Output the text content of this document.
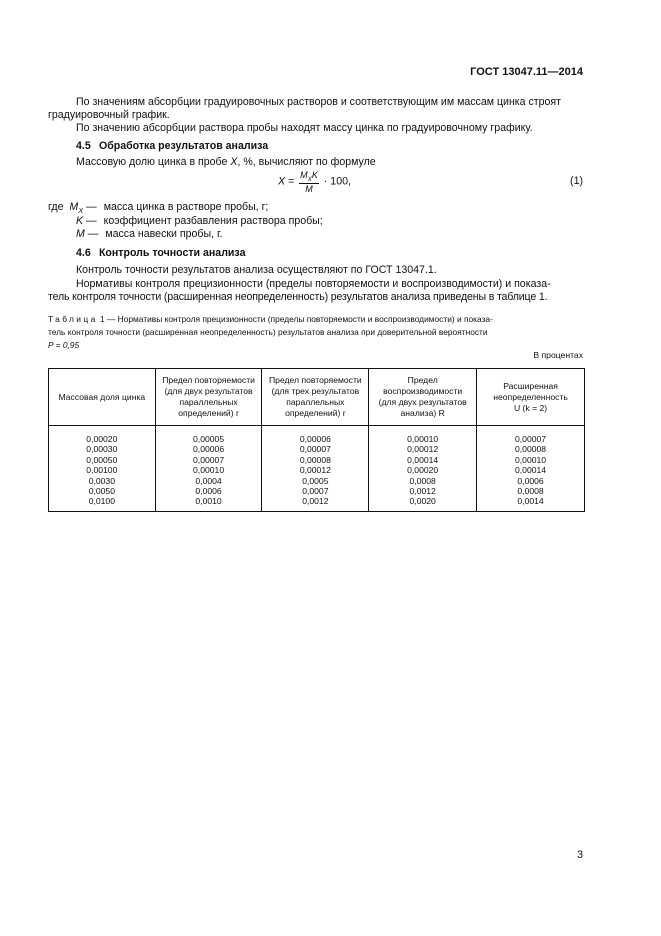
ГОСТ 13047.11—2014
По значениям абсорбции градуировочных растворов и соответствующим им массам цинка строят градуировочный график.
По значению абсорбции раствора пробы находят массу цинка по градуировочному графику.
4.5 Обработка результатов анализа
Массовую долю цинка в пробе X, %, вычисляют по формуле
$X = \frac{M_XK}{M} \cdot 100$,	(1)
где $M_X$ — масса цинка в растворе пробы, г;
K — коэффициент разбавления раствора пробы;
M — масса навески пробы, г.
4.6 Контроль точности анализа
Контроль точности результатов анализа осуществляют по ГОСТ 13047.1.
Нормативы контроля прецизионности (пределы повторяемости и воспроизводимости) и показа-
тель контроля точности (расширенная неопределенность) результатов анализа приведены в таблице 1.
Таблица 1 — Нормативы контроля прецизионности (пределы повторяемости и воспроизводимости) и показа-
тель контроля точности (расширенная неопределенность) результатов анализа при доверительной вероятности
P = 0,95
В процентах
Массовая доля цинка	Предел повторяемости
(для двух результатов
параллельных
определений) r	Предел повторяемости
(для трех результатов
параллельных
определений) r	Предел
воспроизводимости
(для двух результатов
анализа) R	Расширенная
неопределенность
U (k = 2)
0,00020	0,00005	0,00006	0,00010	0,00007
0,00030	0,00006	0,00007	0,00012	0,00008
0,00050	0,00007	0,00008	0,00014	0,00010
0,00100	0,00010	0,00012	0,00020	0,00014
0,0030	0,0004	0,0005	0,0008	0,0006
0,0050	0,0006	0,0007	0,0012	0,0008
0,0100	0,0010	0,0012	0,0020	0,0014
3
